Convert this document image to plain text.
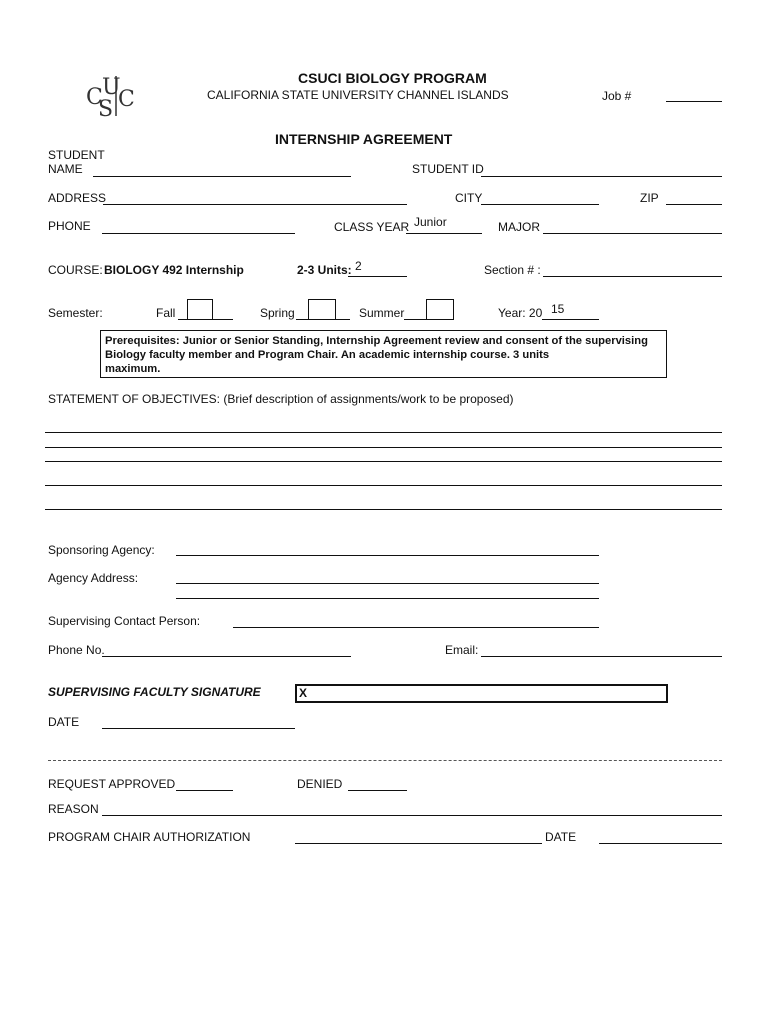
C U
S C
CSUCI BIOLOGY PROGRAM
CALIFORNIA STATE UNIVERSITY CHANNEL ISLANDS	Job #
INTERNSHIP AGREEMENT
STUDENT
NAME	STUDENT ID
ADDRESS	CITY	ZIP
PHONE	CLASS YEAR Junior	MAJOR
COURSE: BIOLOGY 492 Internship	2-3 Units: 2	Section # :
Semester:	Fall	Spring	Summer	Year: 20 15
Prerequisites: Junior or Senior Standing, Internship Agreement review and consent of the supervising
Biology faculty member and Program Chair. An academic internship course. 3 units
maximum.
STATEMENT OF OBJECTIVES: (Brief description of assignments/work to be proposed)
Sponsoring Agency:
Agency Address:
Supervising Contact Person:
Phone No.	Email:
SUPERVISING FACULTY SIGNATURE	X
DATE
REQUEST APPROVED	DENIED
REASON
PROGRAM CHAIR AUTHORIZATION	DATE
